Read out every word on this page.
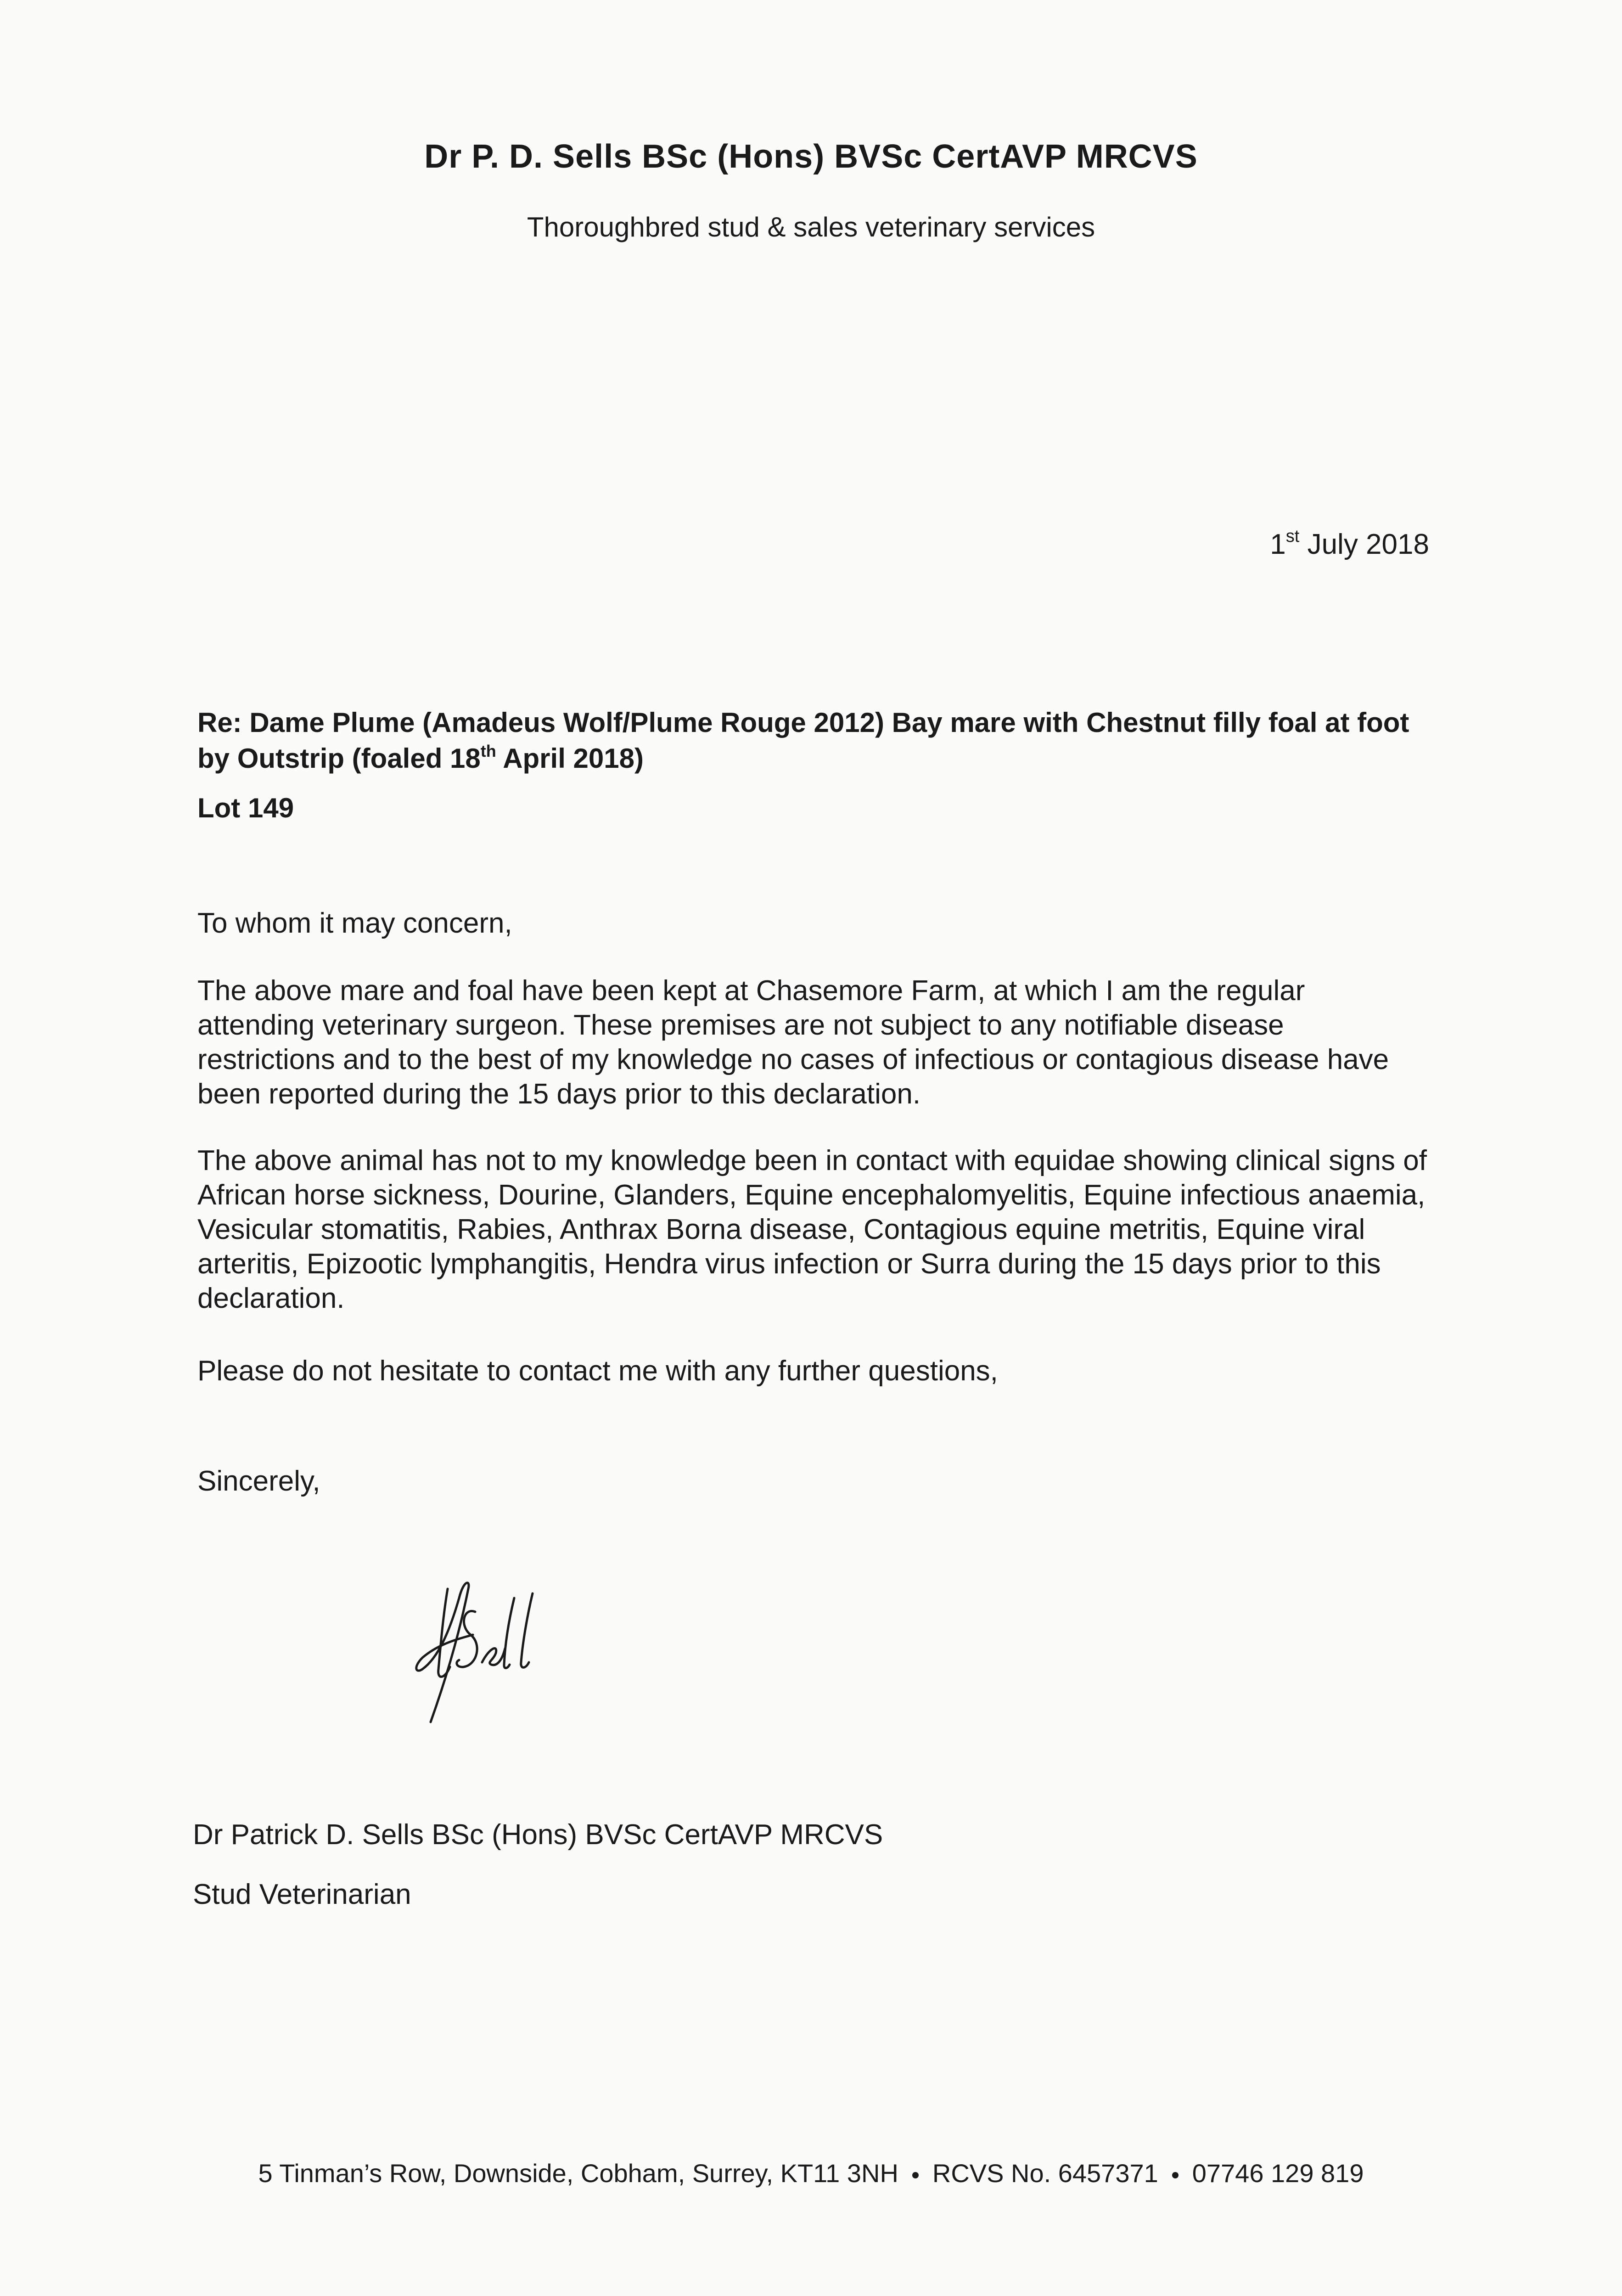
Dr P. D. Sells BSc (Hons) BVSc CertAVP MRCVS
Thoroughbred stud & sales veterinary services
1st July 2018
Re: Dame Plume (Amadeus Wolf/Plume Rouge 2012) Bay mare with Chestnut filly foal at foot by Outstrip (foaled 18th April 2018)
Lot 149
To whom it may concern,
The above mare and foal have been kept at Chasemore Farm, at which I am the regular attending veterinary surgeon. These premises are not subject to any notifiable disease restrictions and to the best of my knowledge no cases of infectious or contagious disease have been reported during the 15 days prior to this declaration.
The above animal has not to my knowledge been in contact with equidae showing clinical signs of African horse sickness, Dourine, Glanders, Equine encephalomyelitis, Equine infectious anaemia, Vesicular stomatitis, Rabies, Anthrax Borna disease, Contagious equine metritis, Equine viral arteritis, Epizootic lymphangitis, Hendra virus infection or Surra during the 15 days prior to this declaration.
Please do not hesitate to contact me with any further questions,
Sincerely,
Dr Patrick D. Sells BSc (Hons) BVSc CertAVP MRCVS
Stud Veterinarian
5 Tinman’s Row, Downside, Cobham, Surrey, KT11 3NH RCVS No. 6457371 07746 129 819
